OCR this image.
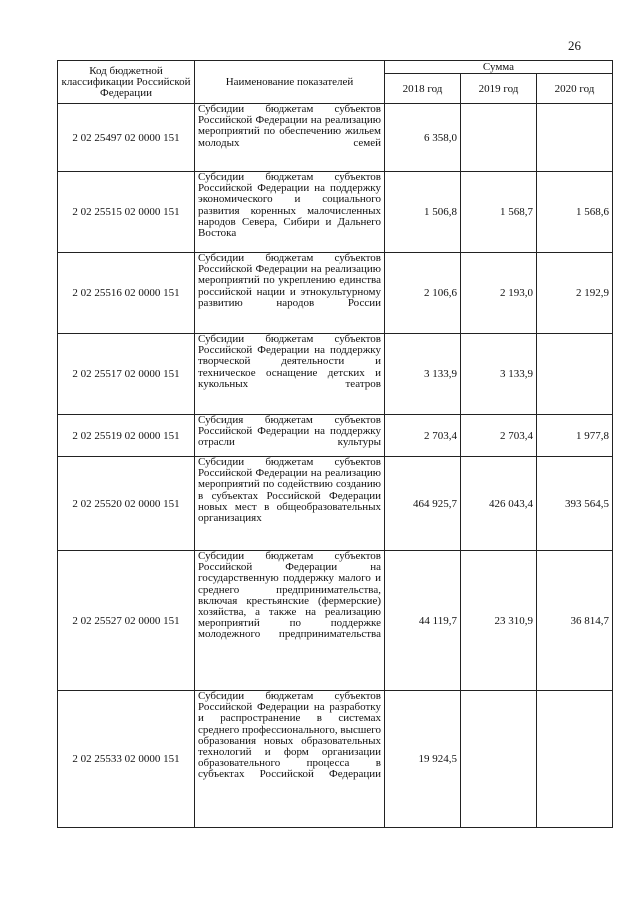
26
Код бюджетной классификации Российской Федерации	Наименование показателей	Сумма		
		2018 год	2019 год	2020 год
2 02 25497 02 0000 151	Субсидии бюджетам субъектов Российской Федерации на реализацию мероприятий по обеспечению жильем молодых семей	6 358,0		
2 02 25515 02 0000 151	Субсидии бюджетам субъектов Российской Федерации на поддержку экономического и социального развития коренных малочисленных народов Севера, Сибири и Дальнего Востока	1 506,8	1 568,7	1 568,6
2 02 25516 02 0000 151	Субсидии бюджетам субъектов Российской Федерации на реализацию мероприятий по укреплению единства российской нации и этнокультурному развитию народов России	2 106,6	2 193,0	2 192,9
2 02 25517 02 0000 151	Субсидии бюджетам субъектов Российской Федерации на поддержку творческой деятельности и техническое оснащение детских и кукольных театров	3 133,9	3 133,9	
2 02 25519 02 0000 151	Субсидия бюджетам субъектов Российской Федерации на поддержку отрасли культуры	2 703,4	2 703,4	1 977,8
2 02 25520 02 0000 151	Субсидии бюджетам субъектов Российской Федерации на реализацию мероприятий по содействию созданию в субъектах Российской Федерации новых мест в общеобразовательных организациях	464 925,7	426 043,4	393 564,5
2 02 25527 02 0000 151	Субсидии бюджетам субъектов Российской Федерации на государственную поддержку малого и среднего предпринимательства, включая крестьянские (фермерские) хозяйства, а также на реализацию мероприятий по поддержке молодежного предпринимательства	44 119,7	23 310,9	36 814,7
2 02 25533 02 0000 151	Субсидии бюджетам субъектов Российской Федерации на разработку и распространение в системах среднего профессионального, высшего образования новых образовательных технологий и форм организации образовательного процесса в субъектах Российской Федерации	19 924,5		
